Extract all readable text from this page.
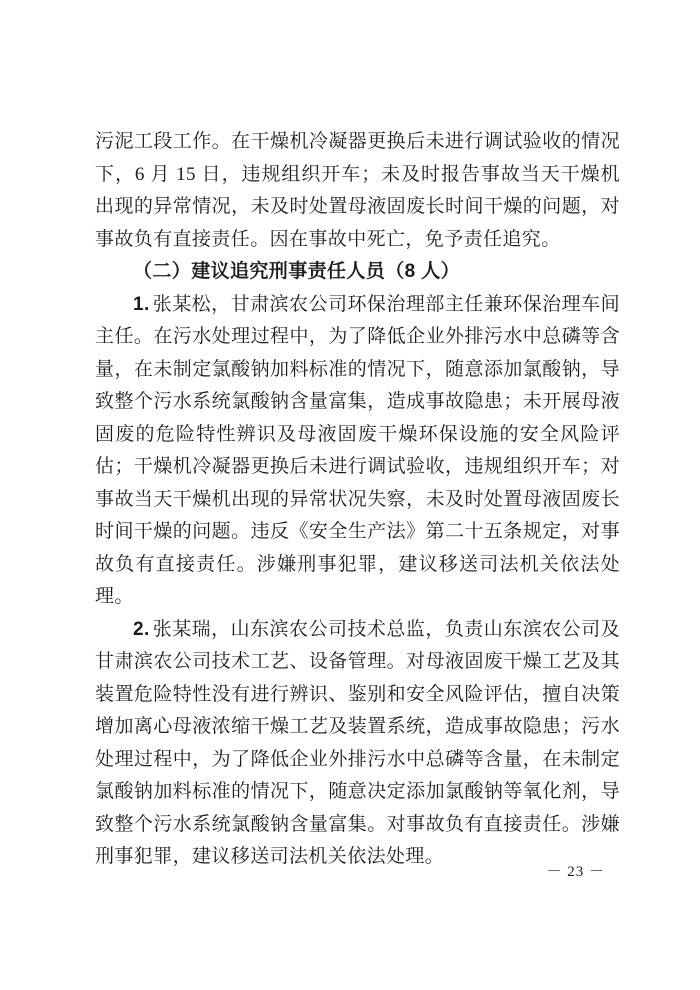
污泥工段工作。在干燥机冷凝器更换后未进行调试验收的情况下，6 月 15 日，违规组织开车；未及时报告事故当天干燥机出现的异常情况，未及时处置母液固废长时间干燥的问题，对事故负有直接责任。因在事故中死亡，免予责任追究。

（二）建议追究刑事责任人员（8 人）

1. 张某松，甘肃滨农公司环保治理部主任兼环保治理车间主任。在污水处理过程中，为了降低企业外排污水中总磷等含量，在未制定氯酸钠加料标准的情况下，随意添加氯酸钠，导致整个污水系统氯酸钠含量富集，造成事故隐患；未开展母液固废的危险特性辨识及母液固废干燥环保设施的安全风险评估；干燥机冷凝器更换后未进行调试验收，违规组织开车；对事故当天干燥机出现的异常状况失察，未及时处置母液固废长时间干燥的问题。违反《安全生产法》第二十五条规定，对事故负有直接责任。涉嫌刑事犯罪，建议移送司法机关依法处理。

2. 张某瑞，山东滨农公司技术总监，负责山东滨农公司及甘肃滨农公司技术工艺、设备管理。对母液固废干燥工艺及其装置危险特性没有进行辨识、鉴别和安全风险评估，擅自决策增加离心母液浓缩干燥工艺及装置系统，造成事故隐患；污水处理过程中，为了降低企业外排污水中总磷等含量，在未制定氯酸钠加料标准的情况下，随意决定添加氯酸钠等氧化剂，导致整个污水系统氯酸钠含量富集。对事故负有直接责任。涉嫌刑事犯罪，建议移送司法机关依法处理。

－ 23 －
